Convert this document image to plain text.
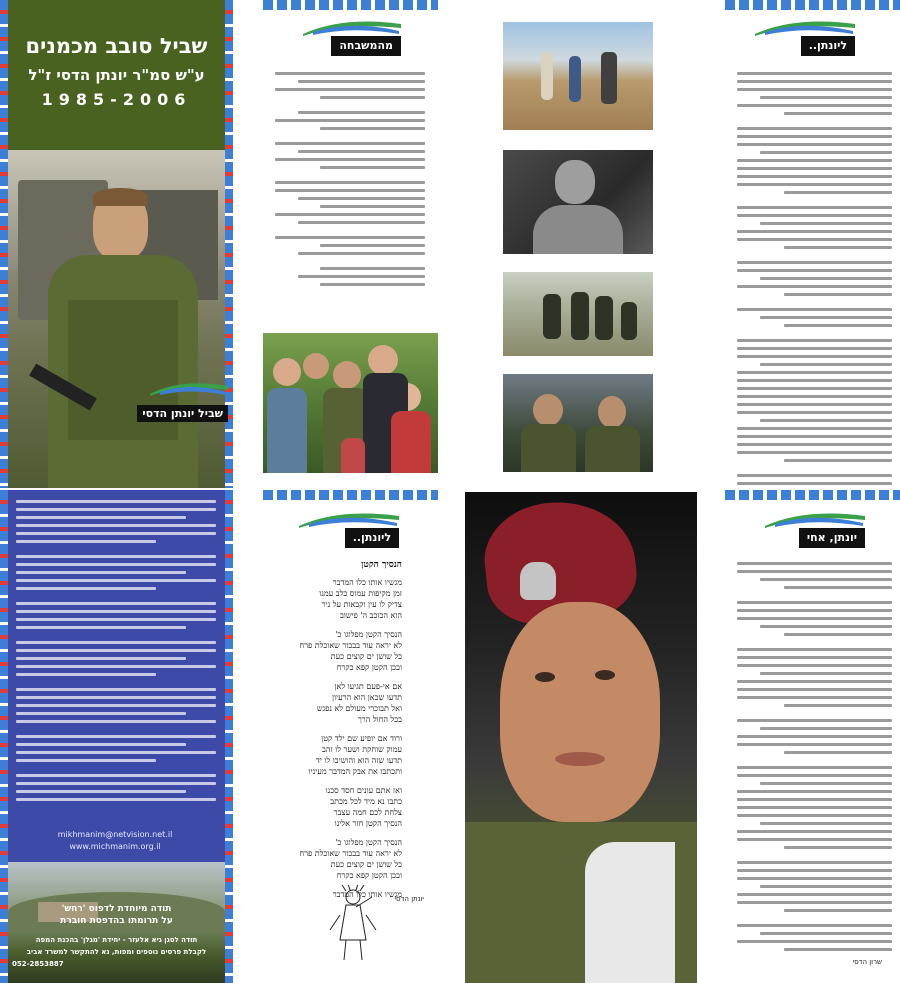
שביל סובב מכמנים
ע"ש סמ"ר יונתן הדסי ז"ל
1985-2006
שביל יונתן הדסי
mikhmanim@netvision.net.il
www.michmanim.org.il
תודה מיוחדת לדפוס 'רחש'
על תרומתו בהדפסת חוברת
תודה לסגן גיא אלעזר - יחידת 'מגלן' בהכנת המפה
לקבלת פרסים נוספים ומפות, נא להתקשר למשרד אביב
052-2853887
מהמשבחה	ליונתן..
ליונתן..
הנסיך הקטן
מגשיו אותו כלו המדבר
זמן מקיפות עמוס כלב עמנו
צדיק לו עין וקבאות על ניר
הוא הכוכב ה' פישוב
הנסיך הקטן מפלוגו כ'
לא יראה עוד בבכור שאוכלת פרח
כל שושן ים קוצים כעת
ובכן הקטן קפא כקרח
אם אי-פעם תגיעו לאן
תדעו שכאן הוא הרעיון
ואל תבוכרי מעולם לא נפגש
בכל החול הרך
ורוד אם יופיע שם ילד קטן
עמוק שוחקת ושער לו זהב
תדעו שזה הוא והושיבו לו יד
ותכתבו את אבק המדבר מעיניו
ואז אתם עונים חסד סכנו
כתבו נא מיד לכל מכתב
צלחת לכם חמה עצבר
הנסיך הקטן חזר אלינו
הנסיך הקטן מפלוגו כ'
לא יראה עוד בבכור שאוכלת פרח
כל שושן ים קוצים כעת
ובכן הקטן קפא כקרח
מגשיו אותו כלו המדבר
יונתן הדסי
יונתן, אחי
שרון הדסי
